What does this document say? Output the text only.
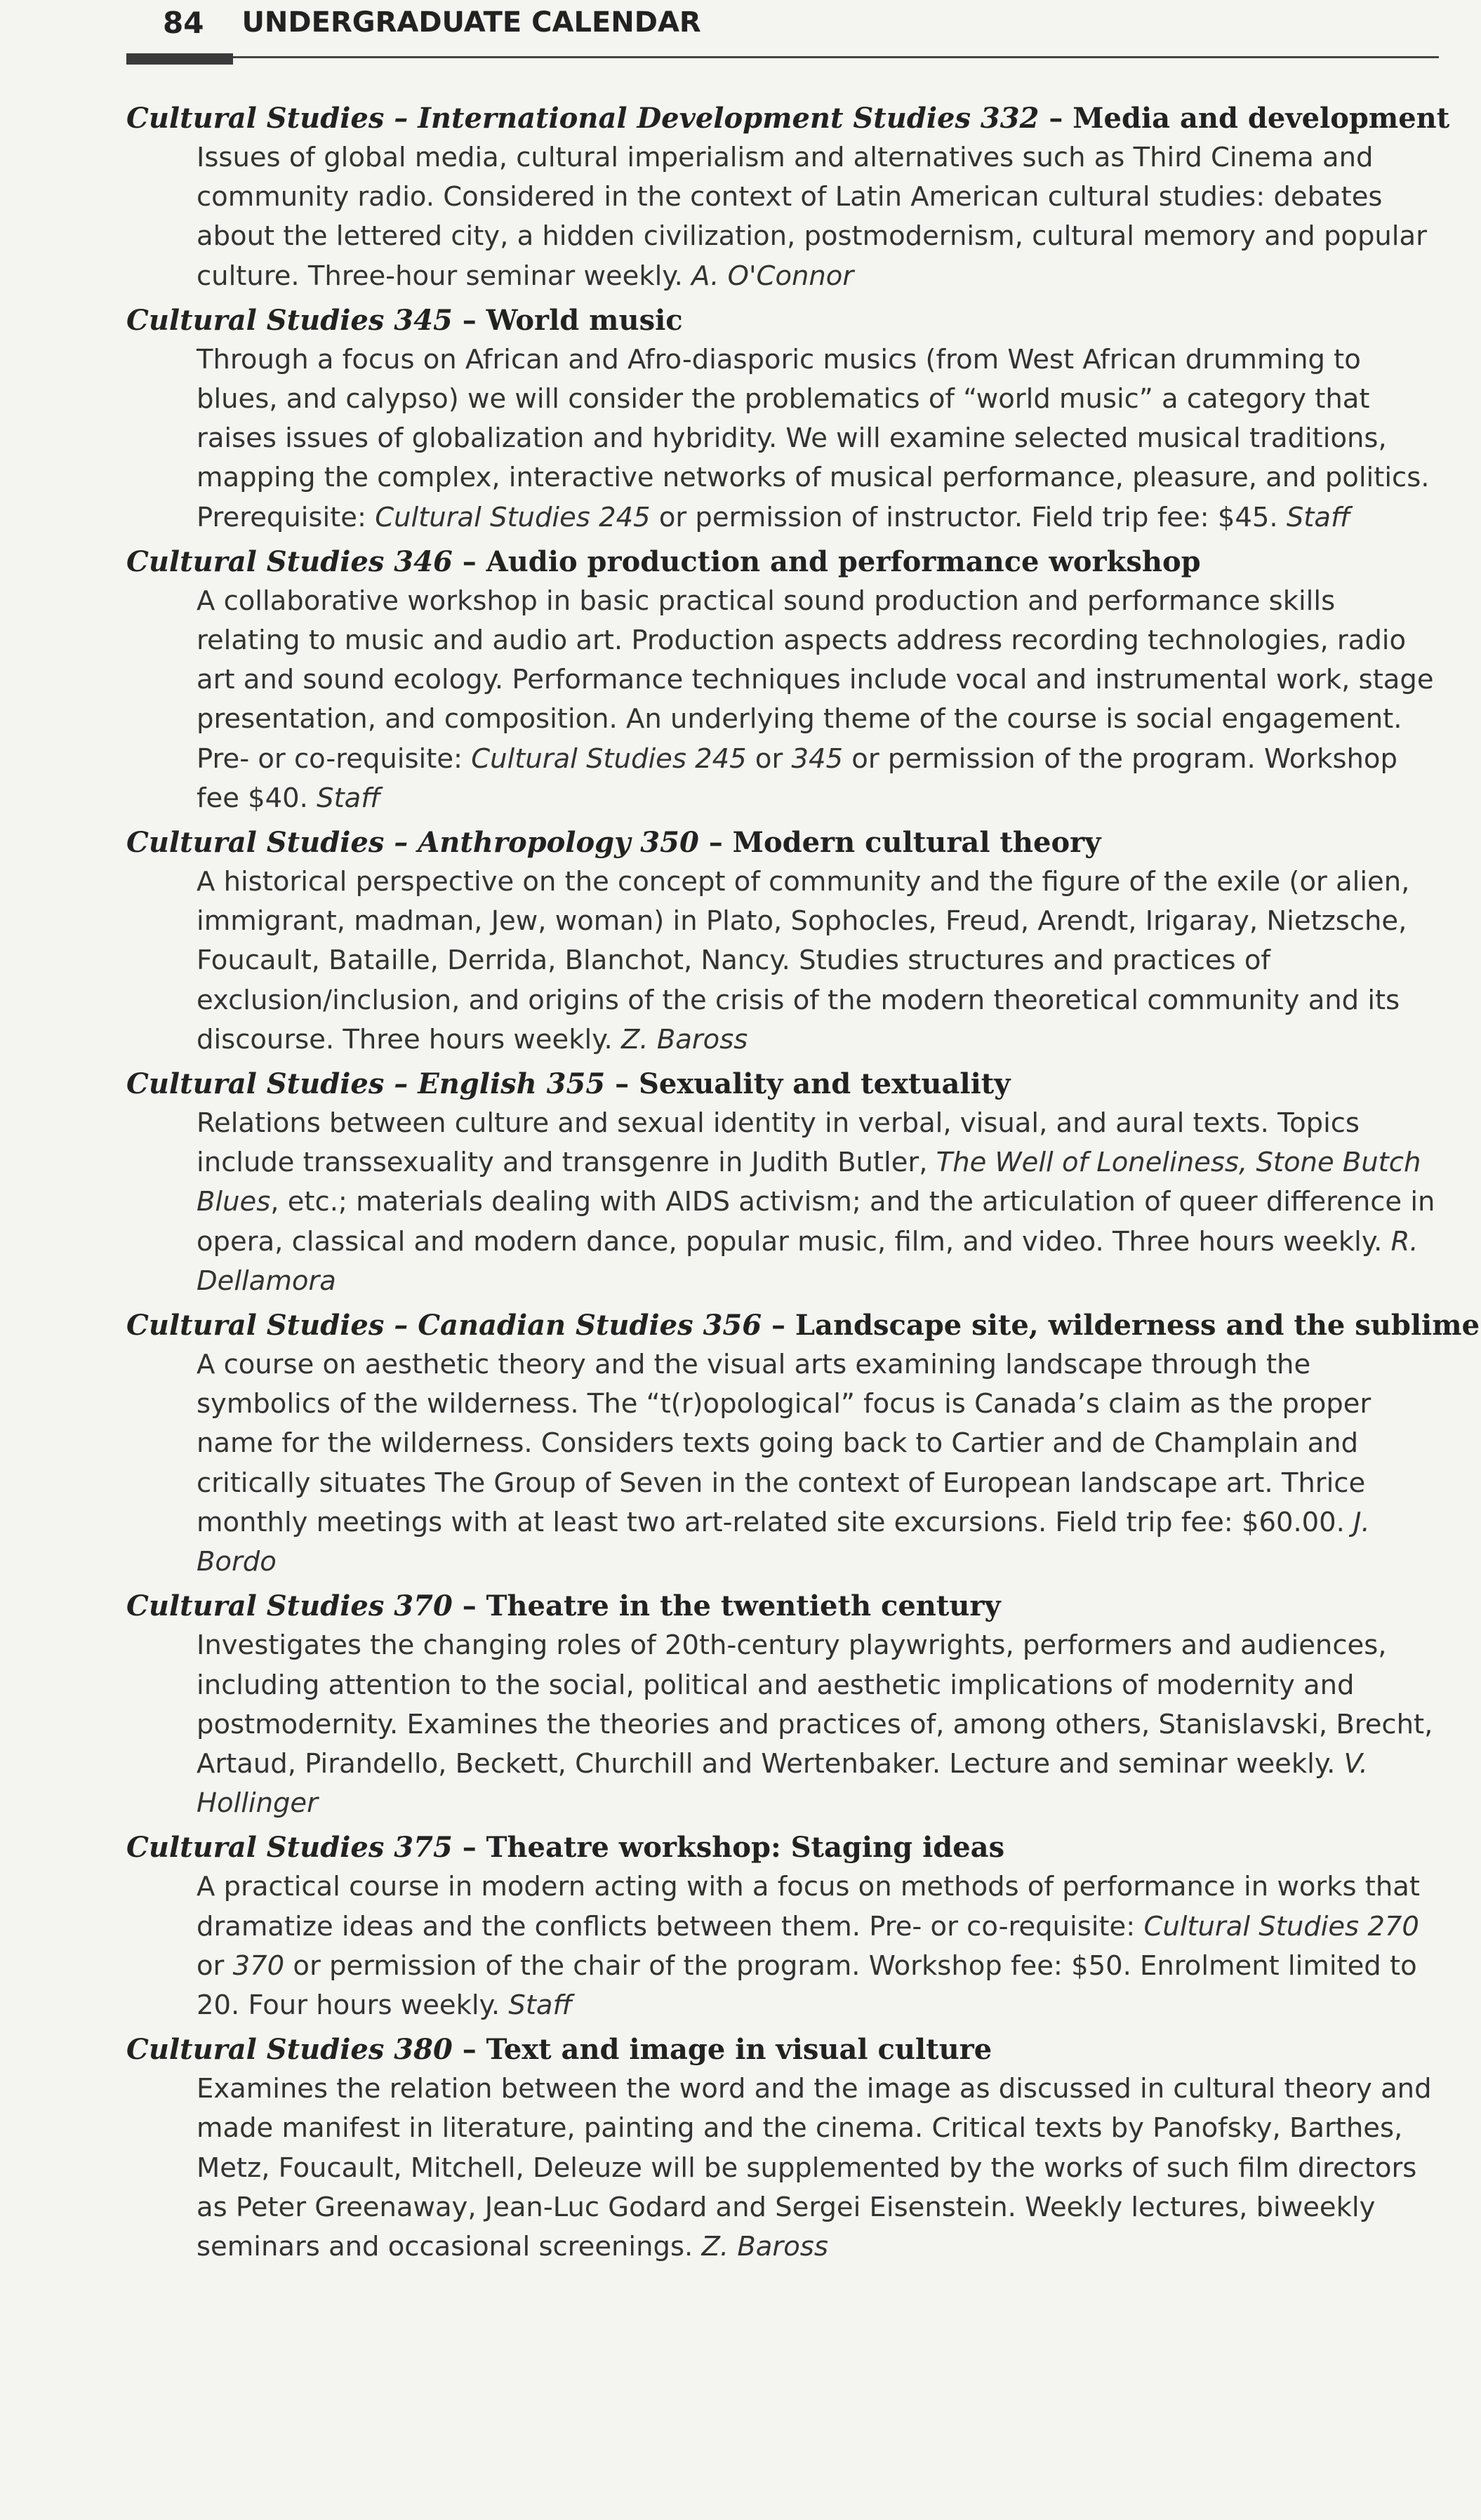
84 UNDERGRADUATE CALENDAR
Cultural Studies – International Development Studies 332 – Media and development
Issues of global media, cultural imperialism and alternatives such as Third Cinema and community radio. Considered in the context of Latin American cultural studies: debates about the lettered city, a hidden civilization, postmodernism, cultural memory and popular culture. Three-hour seminar weekly. A. O'Connor
Cultural Studies 345 – World music
Through a focus on African and Afro-diasporic musics (from West African drumming to blues, and calypso) we will consider the problematics of “world music” a category that raises issues of globalization and hybridity. We will examine selected musical traditions, mapping the complex, interactive networks of musical performance, pleasure, and politics. Prerequisite: Cultural Studies 245 or permission of instructor. Field trip fee: $45. Staff
Cultural Studies 346 – Audio production and performance workshop
A collaborative workshop in basic practical sound production and performance skills relating to music and audio art. Production aspects address recording technologies, radio art and sound ecology. Performance techniques include vocal and instrumental work, stage presentation, and composition. An underlying theme of the course is social engagement. Pre- or co-requisite: Cultural Studies 245 or 345 or permission of the program. Workshop fee $40. Staff
Cultural Studies – Anthropology 350 – Modern cultural theory
A historical perspective on the concept of community and the figure of the exile (or alien, immigrant, madman, Jew, woman) in Plato, Sophocles, Freud, Arendt, Irigaray, Nietzsche, Foucault, Bataille, Derrida, Blanchot, Nancy. Studies structures and practices of exclusion/inclusion, and origins of the crisis of the modern theoretical community and its discourse. Three hours weekly. Z. Baross
Cultural Studies – English 355 – Sexuality and textuality
Relations between culture and sexual identity in verbal, visual, and aural texts. Topics include transsexuality and transgenre in Judith Butler, The Well of Loneliness, Stone Butch Blues, etc.; materials dealing with AIDS activism; and the articulation of queer difference in opera, classical and modern dance, popular music, film, and video. Three hours weekly. R. Dellamora
Cultural Studies – Canadian Studies 356 – Landscape site, wilderness and the sublime
A course on aesthetic theory and the visual arts examining landscape through the symbolics of the wilderness. The “t(r)opological” focus is Canada’s claim as the proper name for the wilderness. Considers texts going back to Cartier and de Champlain and critically situates The Group of Seven in the context of European landscape art. Thrice monthly meetings with at least two art-related site excursions. Field trip fee: $60.00. J. Bordo
Cultural Studies 370 – Theatre in the twentieth century
Investigates the changing roles of 20th-century playwrights, performers and audiences, including attention to the social, political and aesthetic implications of modernity and postmodernity. Examines the theories and practices of, among others, Stanislavski, Brecht, Artaud, Pirandello, Beckett, Churchill and Wertenbaker. Lecture and seminar weekly. V. Hollinger
Cultural Studies 375 – Theatre workshop: Staging ideas
A practical course in modern acting with a focus on methods of performance in works that dramatize ideas and the conflicts between them. Pre- or co-requisite: Cultural Studies 270 or 370 or permission of the chair of the program. Workshop fee: $50. Enrolment limited to 20. Four hours weekly. Staff
Cultural Studies 380 – Text and image in visual culture
Examines the relation between the word and the image as discussed in cultural theory and made manifest in literature, painting and the cinema. Critical texts by Panofsky, Barthes, Metz, Foucault, Mitchell, Deleuze will be supplemented by the works of such film directors as Peter Greenaway, Jean-Luc Godard and Sergei Eisenstein. Weekly lectures, biweekly seminars and occasional screenings. Z. Baross
